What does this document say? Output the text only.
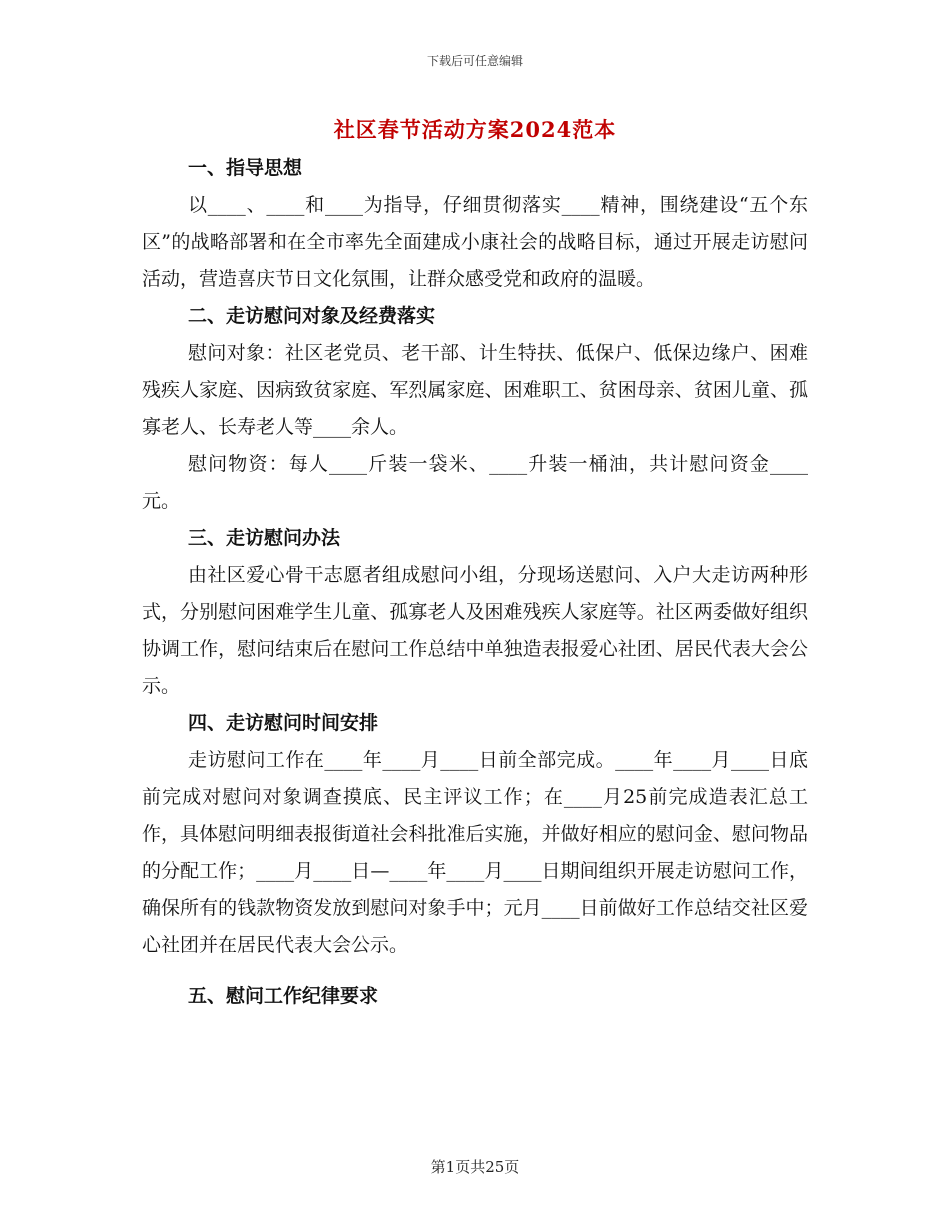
下载后可任意编辑
社区春节活动方案2024范本
一、指导思想

以____、____和____为指导，仔细贯彻落实____精神，围绕建设“五个东区”的战略部署和在全市率先全面建成小康社会的战略目标，通过开展走访慰问活动，营造喜庆节日文化氛围，让群众感受党和政府的温暖。

二、走访慰问对象及经费落实

慰问对象：社区老党员、老干部、计生特扶、低保户、低保边缘户、困难残疾人家庭、因病致贫家庭、军烈属家庭、困难职工、贫困母亲、贫困儿童、孤寡老人、长寿老人等____余人。

慰问物资：每人____斤装一袋米、____升装一桶油，共计慰问资金____元。

三、走访慰问办法

由社区爱心骨干志愿者组成慰问小组，分现场送慰问、入户大走访两种形式，分别慰问困难学生儿童、孤寡老人及困难残疾人家庭等。社区两委做好组织协调工作，慰问结束后在慰问工作总结中单独造表报爱心社团、居民代表大会公示。

四、走访慰问时间安排

走访慰问工作在____年____月____日前全部完成。____年____月____日底前完成对慰问对象调查摸底、民主评议工作；在____月25前完成造表汇总工作，具体慰问明细表报街道社会科批准后实施，并做好相应的慰问金、慰问物品的分配工作；____月____日—____年____月____日期间组织开展走访慰问工作，确保所有的钱款物资发放到慰问对象手中；元月____日前做好工作总结交社区爱心社团并在居民代表大会公示。

五、慰问工作纪律要求
第1页共25页
